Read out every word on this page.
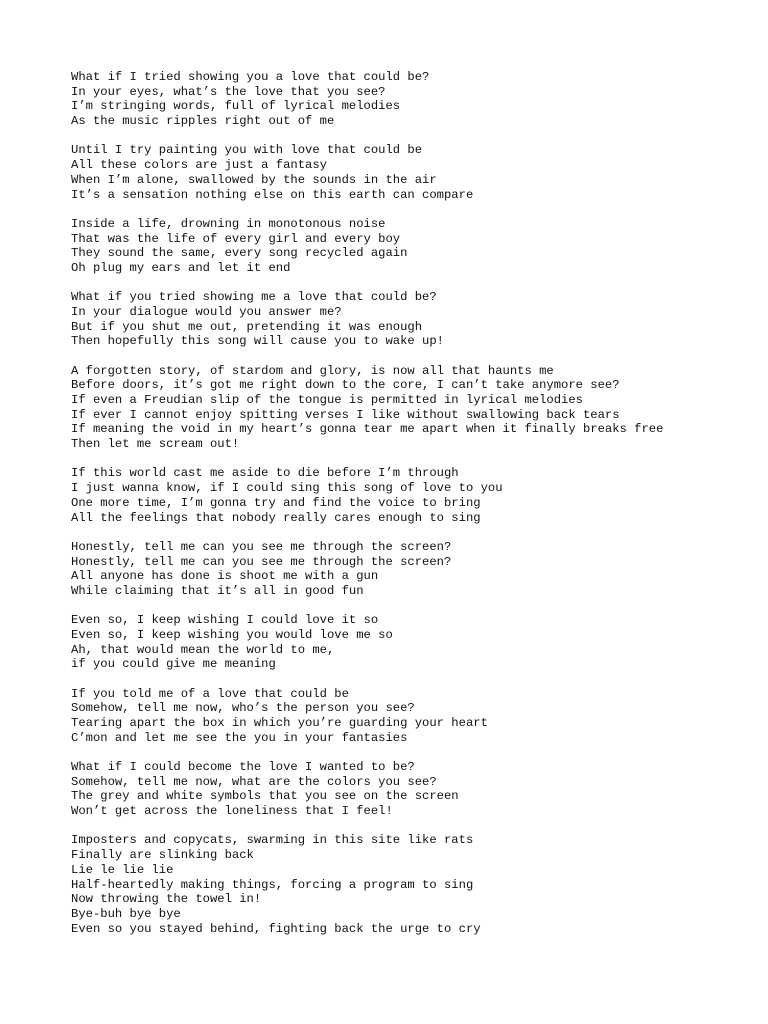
What if I tried showing you a love that could be?
In your eyes, what’s the love that you see?
I’m stringing words, full of lyrical melodies
As the music ripples right out of me
Until I try painting you with love that could be
All these colors are just a fantasy
When I’m alone, swallowed by the sounds in the air
It’s a sensation nothing else on this earth can compare
Inside a life, drowning in monotonous noise
That was the life of every girl and every boy
They sound the same, every song recycled again
Oh plug my ears and let it end
What if you tried showing me a love that could be?
In your dialogue would you answer me?
But if you shut me out, pretending it was enough
Then hopefully this song will cause you to wake up!
A forgotten story, of stardom and glory, is now all that haunts me
Before doors, it’s got me right down to the core, I can’t take anymore see?
If even a Freudian slip of the tongue is permitted in lyrical melodies
If ever I cannot enjoy spitting verses I like without swallowing back tears
If meaning the void in my heart’s gonna tear me apart when it finally breaks free
Then let me scream out!
If this world cast me aside to die before I’m through
I just wanna know, if I could sing this song of love to you
One more time, I’m gonna try and find the voice to bring
All the feelings that nobody really cares enough to sing
Honestly, tell me can you see me through the screen?
Honestly, tell me can you see me through the screen?
All anyone has done is shoot me with a gun
While claiming that it’s all in good fun
Even so, I keep wishing I could love it so
Even so, I keep wishing you would love me so
Ah, that would mean the world to me,
if you could give me meaning
If you told me of a love that could be
Somehow, tell me now, who’s the person you see?
Tearing apart the box in which you’re guarding your heart
C’mon and let me see the you in your fantasies
What if I could become the love I wanted to be?
Somehow, tell me now, what are the colors you see?
The grey and white symbols that you see on the screen
Won’t get across the loneliness that I feel!
Imposters and copycats, swarming in this site like rats
Finally are slinking back
Lie le lie lie
Half-heartedly making things, forcing a program to sing
Now throwing the towel in!
Bye-buh bye bye
Even so you stayed behind, fighting back the urge to cry
